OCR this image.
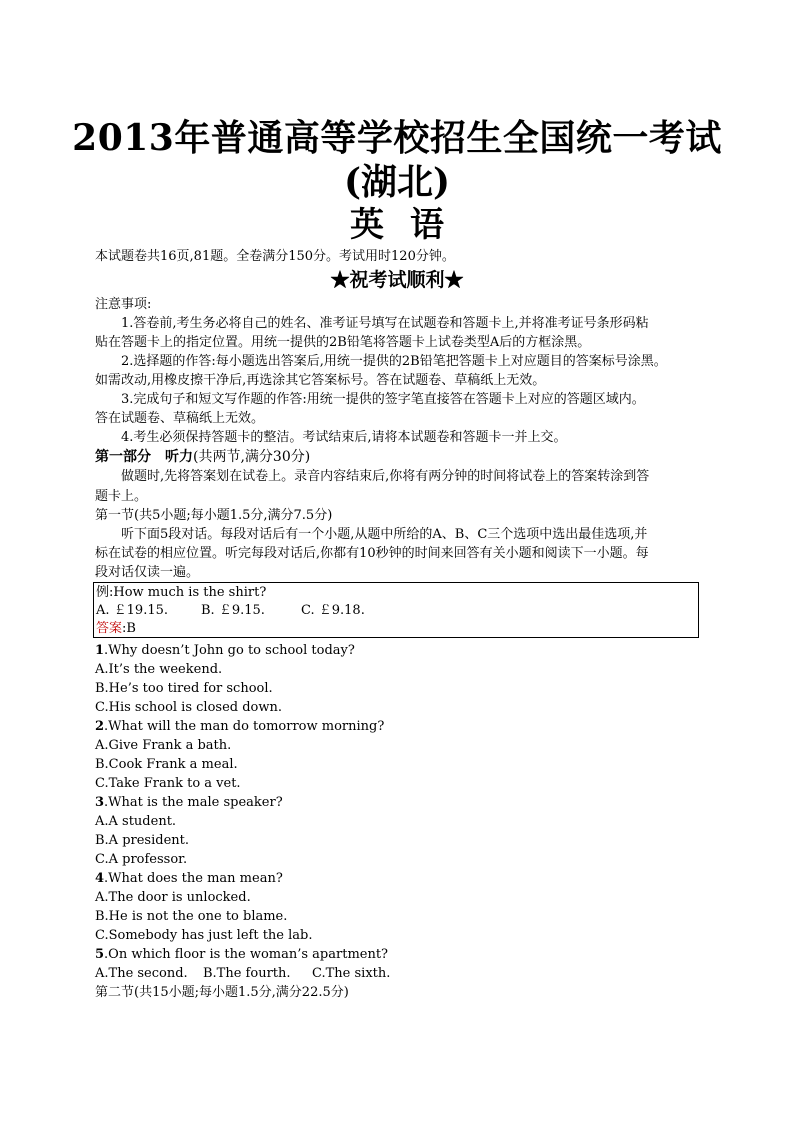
2013年普通高等学校招生全国统一考试
(湖北)
英语
本试题卷共16页,81题。全卷满分150分。考试用时120分钟。
★祝考试顺利★
注意事项:
1.答卷前,考生务必将自己的姓名、准考证号填写在试题卷和答题卡上,并将准考证号条形码粘
贴在答题卡上的指定位置。用统一提供的2B铅笔将答题卡上试卷类型A后的方框涂黑。
2.选择题的作答:每小题选出答案后,用统一提供的2B铅笔把答题卡上对应题目的答案标号涂黑。
如需改动,用橡皮擦干净后,再选涂其它答案标号。答在试题卷、草稿纸上无效。
3.完成句子和短文写作题的作答:用统一提供的签字笔直接答在答题卡上对应的答题区域内。
答在试题卷、草稿纸上无效。
4.考生必须保持答题卡的整洁。考试结束后,请将本试题卷和答题卡一并上交。
第一部分　听力(共两节,满分30分)
做题时,先将答案划在试卷上。录音内容结束后,你将有两分钟的时间将试卷上的答案转涂到答
题卡上。
第一节(共5小题;每小题1.5分,满分7.5分)
听下面5段对话。每段对话后有一个小题,从题中所给的A、B、C三个选项中选出最佳选项,并
标在试卷的相应位置。听完每段对话后,你都有10秒钟的时间来回答有关小题和阅读下一小题。每
段对话仅读一遍。
例:How much is the shirt?
A. ￡19.15.	B. ￡9.15.	C. ￡9.18.
答案:B
1.Why doesn’t John go to school today?
A.It’s the weekend.
B.He’s too tired for school.
C.His school is closed down.
2.What will the man do tomorrow morning?
A.Give Frank a bath.
B.Cook Frank a meal.
C.Take Frank to a vet.
3.What is the male speaker?
A.A student.
B.A president.
C.A professor.
4.What does the man mean?
A.The door is unlocked.
B.He is not the one to blame.
C.Somebody has just left the lab.
5.On which floor is the woman’s apartment?
A.The second. B.The fourth. C.The sixth.
第二节(共15小题;每小题1.5分,满分22.5分)
